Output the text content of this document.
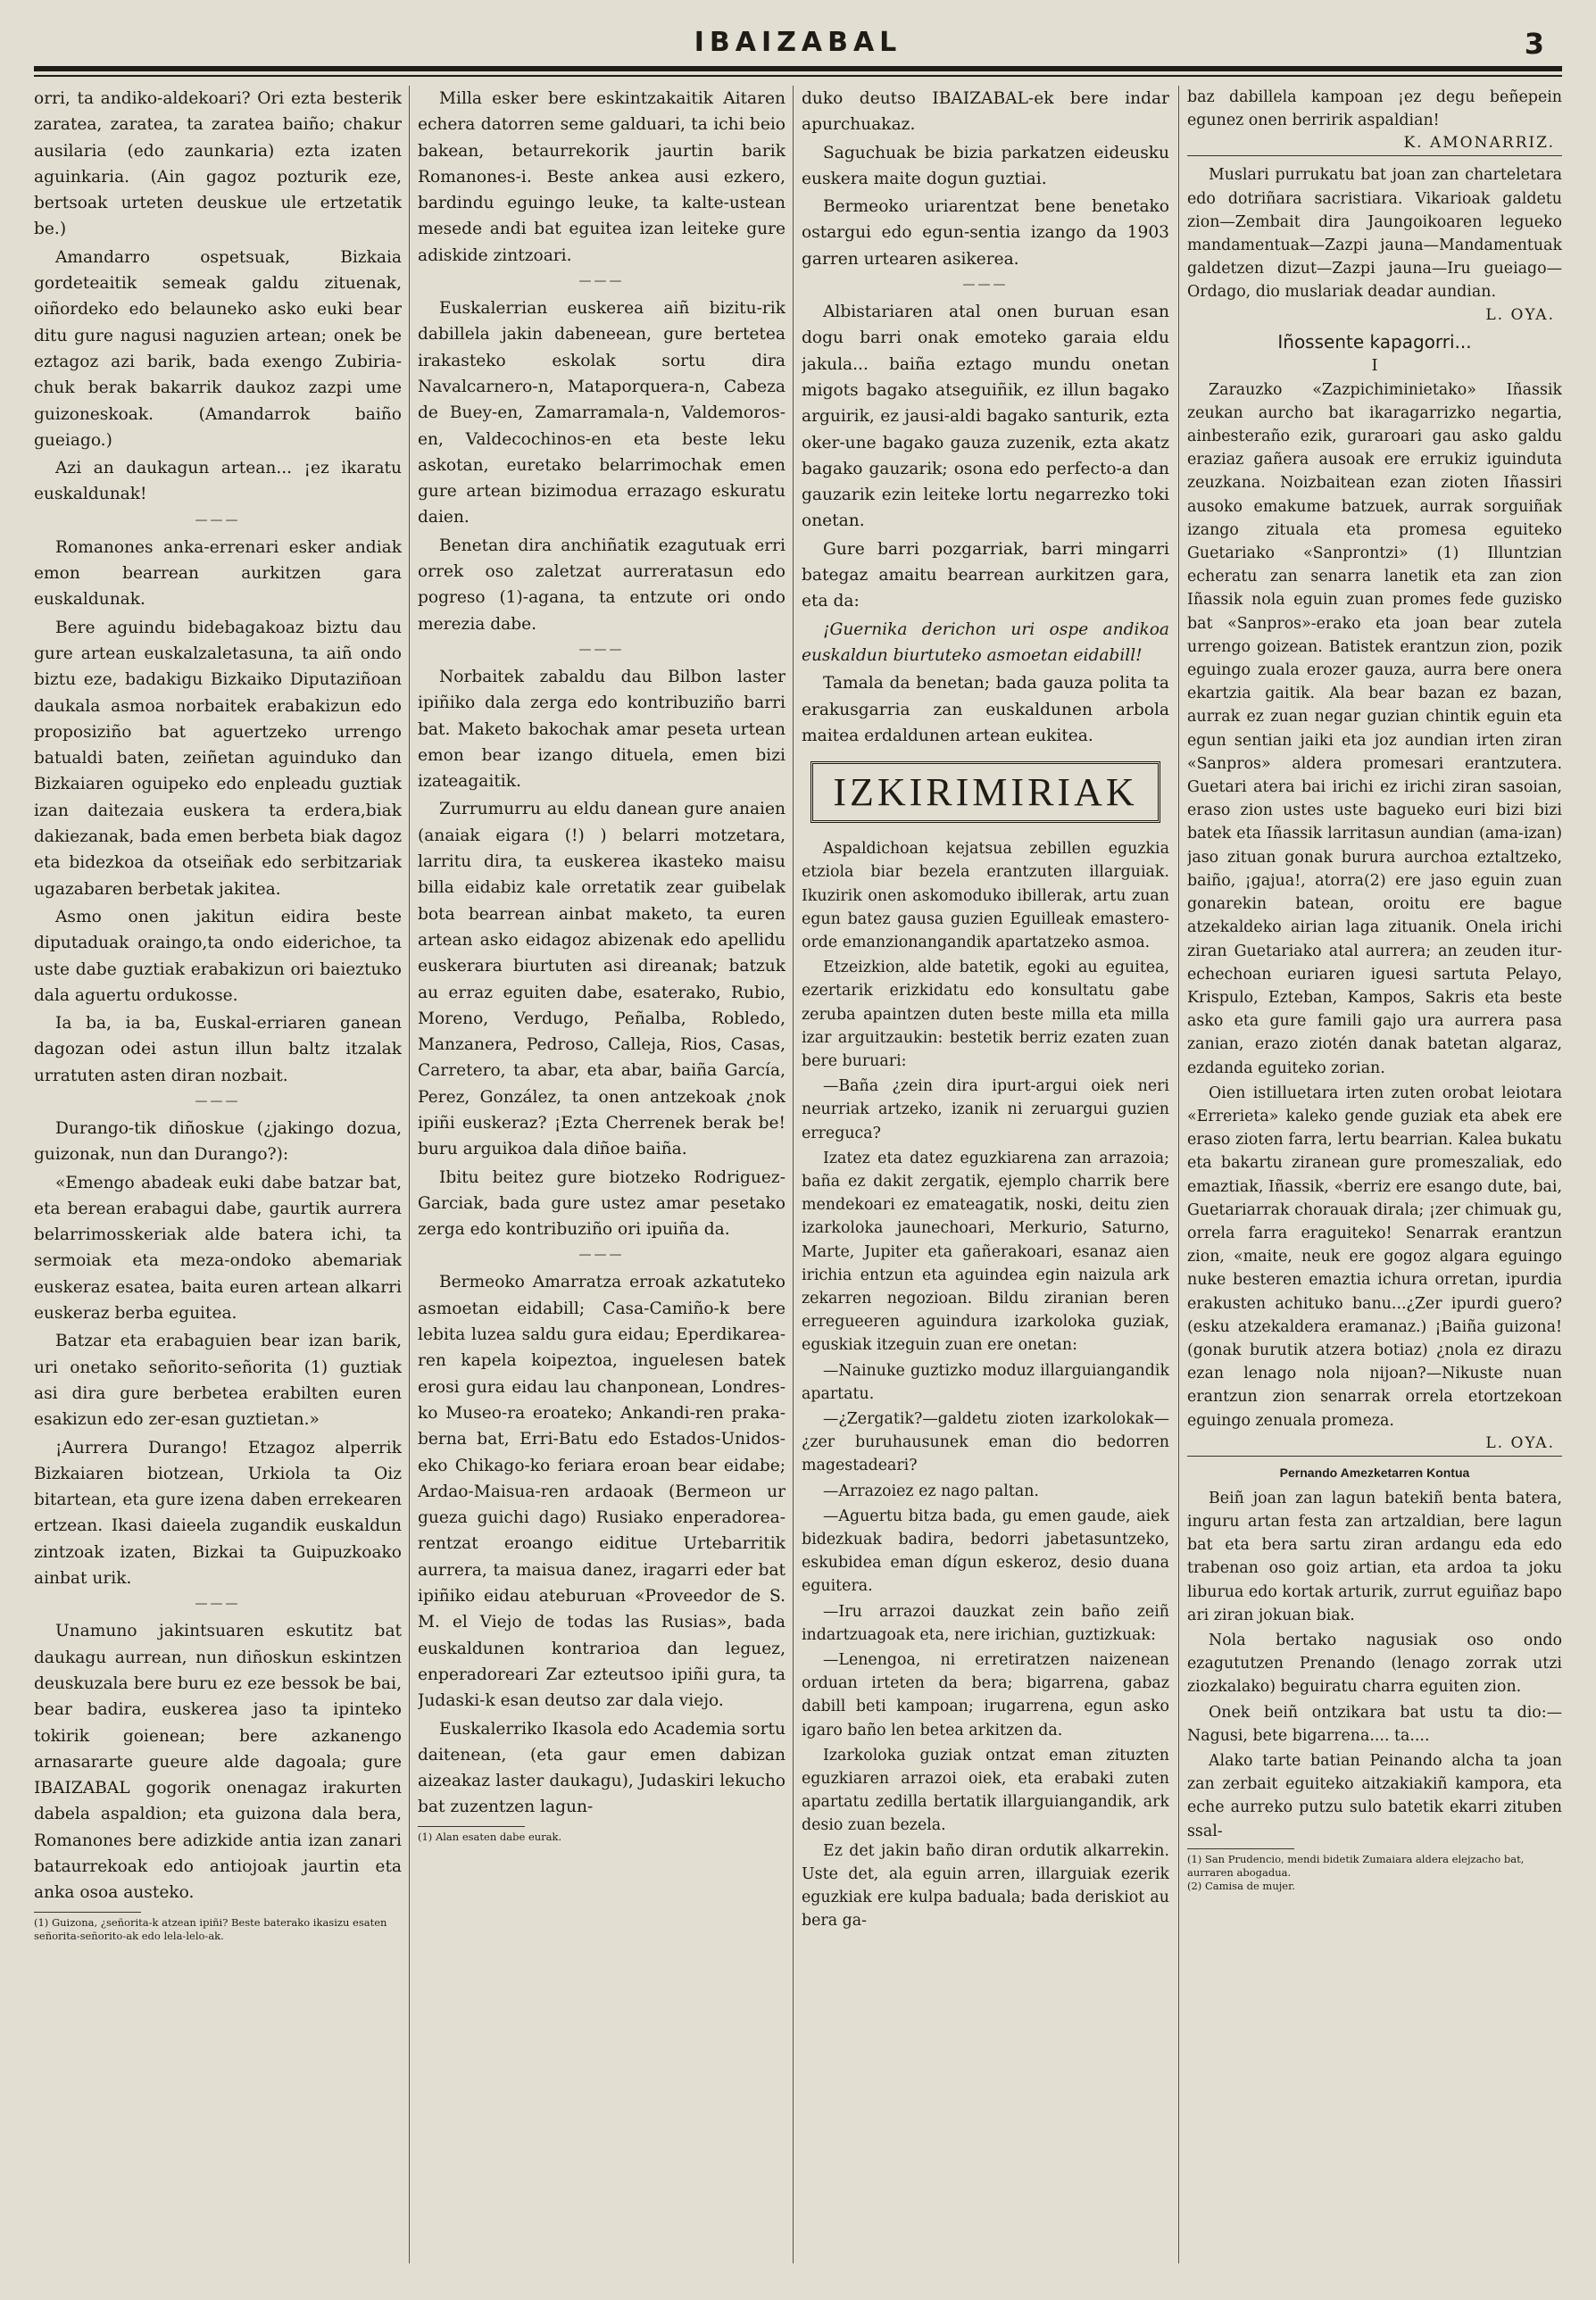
IBAIZABAL	3

orri, ta andiko-aldekoari? Ori ezta besterik zaratea, zaratea, ta zaratea baiño; chakur ausilaria (edo zaunkaria) ezta izaten aguinkaria. (Ain gagoz pozturik eze, bertsoak urteten deuskue ule ertzetatik be.)

Amandarro ospetsuak, Bizkaia gordeteaitik semeak galdu zituenak, oiñordeko edo belauneko asko euki bear ditu gure nagusi naguzien artean; onek be eztagoz azi barik, bada exengo Zubiria-chuk berak bakarrik daukoz zazpi ume guizoneskoak. (Amandarrok baiño gueiago.)

Azi an daukagun artean... ¡ez ikaratu euskaldunak!

———

Romanones anka-errenari esker andiak emon bearrean aurkitzen gara euskaldunak.

Bere aguindu bidebagakoaz biztu dau gure artean euskalzaletasuna, ta aiñ ondo biztu eze, badakigu Bizkaiko Diputaziñoan daukala asmoa norbaitek erabakizun edo proposiziño bat aguertzeko urrengo batualdi baten, zeiñetan aguinduko dan Bizkaiaren oguipeko edo enpleadu guztiak izan daitezaia euskera ta erdera,biak dakiezanak, bada emen berbeta biak dagoz eta bidezkoa da otseiñak edo serbitzariak ugazabaren berbetak jakitea.

Asmo onen jakitun eidira beste diputaduak oraingo,ta ondo eiderichoe, ta uste dabe guztiak erabakizun ori baieztuko dala aguertu ordukosse.

Ia ba, ia ba, Euskal-erriaren ganean dagozan odei astun illun baltz itzalak urratuten asten diran nozbait.

———

Durango-tik diñoskue (¿jakingo dozua, guizonak, nun dan Durango?):

«Emengo abadeak euki dabe batzar bat, eta berean erabagui dabe, gaurtik aurrera belarrimosskeriak alde batera ichi, ta sermoiak eta meza-ondoko abemariak euskeraz esatea, baita euren artean alkarri euskeraz berba eguitea.

Batzar eta erabaguien bear izan barik, uri onetako señorito-señorita (1) guztiak asi dira gure berbetea erabilten euren esakizun edo zer-esan guztietan.»

¡Aurrera Durango! Etzagoz alperrik Bizkaiaren biotzean, Urkiola ta Oiz bitartean, eta gure izena daben errekearen ertzean. Ikasi daieela zugandik euskaldun zintzoak izaten, Bizkai ta Guipuzkoako ainbat urik.

———

Unamuno jakintsuaren eskutitz bat daukagu aurrean, nun diñoskun eskintzen deuskuzala bere buru ez eze bessok be bai, bear badira, euskerea jaso ta ipinteko tokirik goienean; bere azkanengo arnasararte gueure alde dagoala; gure IBAIZABAL gogorik onenagaz irakurten dabela aspaldion; eta guizona dala bera, Romanones bere adizkide antia izan zanari bataurrekoak edo antiojoak jaurtin eta anka osoa austeko.

(1) Guizona, ¿señorita-k atzean ipiñi? Beste baterako ikasizu esaten señorita-señorito-ak edo lela-lelo-ak.

Milla esker bere eskintzakaitik Aitaren echera datorren seme galduari, ta ichi beio bakean, betaurrekorik jaurtin barik Romanones-i. Beste ankea ausi ezkero, bardindu eguingo leuke, ta kalte-ustean mesede andi bat eguitea izan leiteke gure adiskide zintzoari.

———

Euskalerrian euskerea aiñ bizitu-rik dabillela jakin dabeneean, gure bertetea irakasteko eskolak sortu dira Navalcarnero-n, Mataporquera-n, Cabeza de Buey-en, Zamarramala-n, Valdemoros-en, Valdecochinos-en eta beste leku askotan, euretako belarrimochak emen gure artean bizimodua errazago eskuratu daien.

Benetan dira anchiñatik ezagutuak erri orrek oso zaletzat aurreratasun edo pogreso (1)-agana, ta entzute ori ondo merezia dabe.

———

Norbaitek zabaldu dau Bilbon laster ipiñiko dala zerga edo kontribuziño barri bat. Maketo bakochak amar peseta urtean emon bear izango dituela, emen bizi izateagaitik.

Zurrumurru au eldu danean gure anaien (anaiak eigara (!) ) belarri motzetara, larritu dira, ta euskerea ikasteko maisu billa eidabiz kale orretatik zear guibelak bota bearrean ainbat maketo, ta euren artean asko eidagoz abizenak edo apellidu euskerara biurtuten asi direanak; batzuk au erraz eguiten dabe, esaterako, Rubio, Moreno, Verdugo, Peñalba, Robledo, Manzanera, Pedroso, Calleja, Rios, Casas, Carretero, ta abar, eta abar, baiña García, Perez, González, ta onen antzekoak ¿nok ipiñi euskeraz? ¡Ezta Cherrenek berak be! buru arguikoa dala diñoe baiña.

Ibitu beitez gure biotzeko Rodriguez-Garciak, bada gure ustez amar pesetako zerga edo kontribuziño ori ipuiña da.

———

Bermeoko Amarratza erroak azkatuteko asmoetan eidabill; Casa-Camiño-k bere lebita luzea saldu gura eidau; Eperdikarea-ren kapela koipeztoa, inguelesen batek erosi gura eidau lau chanponean, Londres-ko Museo-ra eroateko; Ankandi-ren praka-berna bat, Erri-Batu edo Estados-Unidos-eko Chikago-ko feriara eroan bear eidabe; Ardao-Maisua-ren ardaoak (Bermeon ur gueza guichi dago) Rusiako enperadorea-rentzat eroango eiditue Urtebarritik aurrera, ta maisua danez, iragarri eder bat ipiñiko eidau ateburuan «Proveedor de S. M. el Viejo de todas las Rusias», bada euskaldunen kontrarioa dan leguez, enperadoreari Zar ezteutsoo ipiñi gura, ta Judaski-k esan deutso zar dala viejo.

Euskalerriko Ikasola edo Academia sortu daitenean, (eta gaur emen dabizan aizeakaz laster daukagu), Judaskiri lekucho bat zuzentzen lagun-

(1) Alan esaten dabe eurak.

duko deutso IBAIZABAL-ek bere indar apurchuakaz.

Saguchuak be bizia parkatzen eideusku euskera maite dogun guztiai.

Bermeoko uriarentzat bene benetako ostargui edo egun-sentia izango da 1903 garren urtearen asikerea.

———

Albistariaren atal onen buruan esan dogu barri onak emoteko garaia eldu jakula... baiña eztago mundu onetan migots bagako atseguiñik, ez illun bagako arguirik, ez jausi-aldi bagako santurik, ezta oker-une bagako gauza zuzenik, ezta akatz bagako gauzarik; osona edo perfecto-a dan gauzarik ezin leiteke lortu negarrezko toki onetan.

Gure barri pozgarriak, barri mingarri bategaz amaitu bearrean aurkitzen gara, eta da:

¡Guernika derichon uri ospe andikoa euskaldun biurtuteko asmoetan eidabill!

Tamala da benetan; bada gauza polita ta erakusgarria zan euskaldunen arbola maitea erdaldunen artean eukitea.

IZKIRIMIRIAK

Aspaldichoan kejatsua zebillen eguzkia etziola biar bezela erantzuten illarguiak. Ikuzirik onen askomoduko ibillerak, artu zuan egun batez gausa guzien Eguilleak emastero-orde emanzionangandik apartatzeko asmoa.

Etzeizkion, alde batetik, egoki au eguitea, ezertarik erizkidatu edo konsultatu gabe zeruba apaintzen duten beste milla eta milla izar arguitzaukin: bestetik berriz ezaten zuan bere buruari:

—Baña ¿zein dira ipurt-argui oiek neri neurriak artzeko, izanik ni zeruargui guzien erreguca?

Izatez eta datez eguzkiarena zan arrazoia; baña ez dakit zergatik, ejemplo charrik bere mendekoari ez emateagatik, noski, deitu zien izarkoloka jaunechoari, Merkurio, Saturno, Marte, Jupiter eta gañerakoari, esanaz aien irichia entzun eta aguindea egin naizula ark zekarren negozioan. Bildu ziranian beren erregueeren aguindura izarkoloka guziak, eguskiak itzeguin zuan ere onetan:

—Nainuke guztizko moduz illarguiangandik apartatu.

—¿Zergatik?—galdetu zioten izarkolokak—¿zer buruhausunek eman dio bedorren magestadeari?

—Arrazoiez ez nago paltan.

—Aguertu bitza bada, gu emen gaude, aiek bidezkuak badira, bedorri jabetasuntzeko, eskubidea eman dígun eskeroz, desio duana eguitera.

—Iru arrazoi dauzkat zein baño zeiñ indartzuagoak eta, nere irichian, guztizkuak:

—Lenengoa, ni erretiratzen naizenean orduan irteten da bera; bigarrena, gabaz dabill beti kampoan; irugarrena, egun asko igaro baño len betea arkitzen da.

Izarkoloka guziak ontzat eman zituzten eguzkiaren arrazoi oiek, eta erabaki zuten apartatu zedilla bertatik illarguiangandik, ark desio zuan bezela.

Ez det jakin baño diran ordutik alkarrekin. Uste det, ala eguin arren, illarguiak ezerik eguzkiak ere kulpa baduala; bada deriskiot au bera ga-

baz dabillela kampoan ¡ez degu beñepein egunez onen berririk aspaldian!

K. AMONARRIZ.

Muslari purrukatu bat joan zan charteletara edo dotriñara sacristiara. Vikarioak galdetu zion—Zembait dira Jaungoikoaren legueko mandamentuak—Zazpi jauna—Mandamentuak galdetzen dizut—Zazpi jauna—Iru gueiago—Ordago, dio muslariak deadar aundian.

L. OYA.
Iñossente kapagorri...
I

Zarauzko «Zazpichiminietako» Iñassik zeukan aurcho bat ikaragarrizko negartia, ainbesteraño ezik, guraroari gau asko galdu eraziaz gañera ausoak ere errukiz iguinduta zeuzkana. Noizbaitean ezan zioten Iñassiri ausoko emakume batzuek, aurrak sorguiñak izango zituala eta promesa eguiteko Guetariako «Sanprontzi» (1) Illuntzian echeratu zan senarra lanetik eta zan zion Iñassik nola eguin zuan promes fede guzisko bat «Sanpros»-erako eta joan bear zutela urrengo goizean. Batistek erantzun zion, pozik eguingo zuala erozer gauza, aurra bere onera ekartzia gaitik. Ala bear bazan ez bazan, aurrak ez zuan negar guzian chintik eguin eta egun sentian jaiki eta joz aundian irten ziran «Sanpros» aldera promesari erantzutera. Guetari atera bai irichi ez irichi ziran sasoian, eraso zion ustes uste bagueko euri bizi bizi batek eta Iñassik larritasun aundian (ama-izan) jaso zituan gonak burura aurchoa eztaltzeko, baiño, ¡gajua!, atorra(2) ere jaso eguin zuan gonarekin batean, oroitu ere bague atzekaldeko airian laga zituanik. Onela irichi ziran Guetariako atal aurrera; an zeuden itur-echechoan euriaren iguesi sartuta Pelayo, Krispulo, Ezteban, Kampos, Sakris eta beste asko eta gure famili gajo ura aurrera pasa zanian, erazo ziotén danak batetan algaraz, ezdanda eguiteko zorian.

Oien istilluetara irten zuten orobat leiotara «Errerieta» kaleko gende guziak eta abek ere eraso zioten farra, lertu bearrian. Kalea bukatu eta bakartu ziranean gure promeszaliak, edo emaztiak, Iñassik, «berriz ere esango dute, bai, Guetariarrak chorauak dirala; ¡zer chimuak gu, orrela farra eraguiteko! Senarrak erantzun zion, «maite, neuk ere gogoz algara eguingo nuke besteren emaztia ichura orretan, ipurdia erakusten achituko banu...¿Zer ipurdi guero? (esku atzekaldera eramanaz.) ¡Baiña guizona! (gonak burutik atzera botiaz) ¿nola ez dirazu ezan lenago nola nijoan?—Nikuste nuan erantzun zion senarrak orrela etortzekoan eguingo zenuala promeza.

L. OYA.
Pernando Amezketarren Kontua

Beiñ joan zan lagun batekiñ benta batera, inguru artan festa zan artzaldian, bere lagun bat eta bera sartu ziran ardangu eda edo trabenan oso goiz artian, eta ardoa ta joku liburua edo kortak arturik, zurrut eguiñaz bapo ari ziran jokuan biak.

Nola bertako nagusiak oso ondo ezagututzen Prenando (lenago zorrak utzi ziozkalako) beguiratu charra eguiten zion.

Onek beiñ ontzikara bat ustu ta dio:—Nagusi, bete bigarrena.... ta....

Alako tarte batian Peinando alcha ta joan zan zerbait eguiteko aitzakiakiñ kampora, eta eche aurreko putzu sulo batetik ekarri zituben ssal-

(1) San Prudencio, mendi bidetik Zumaiara aldera elejzacho bat, aurraren abogadua.
(2) Camisa de mujer.
